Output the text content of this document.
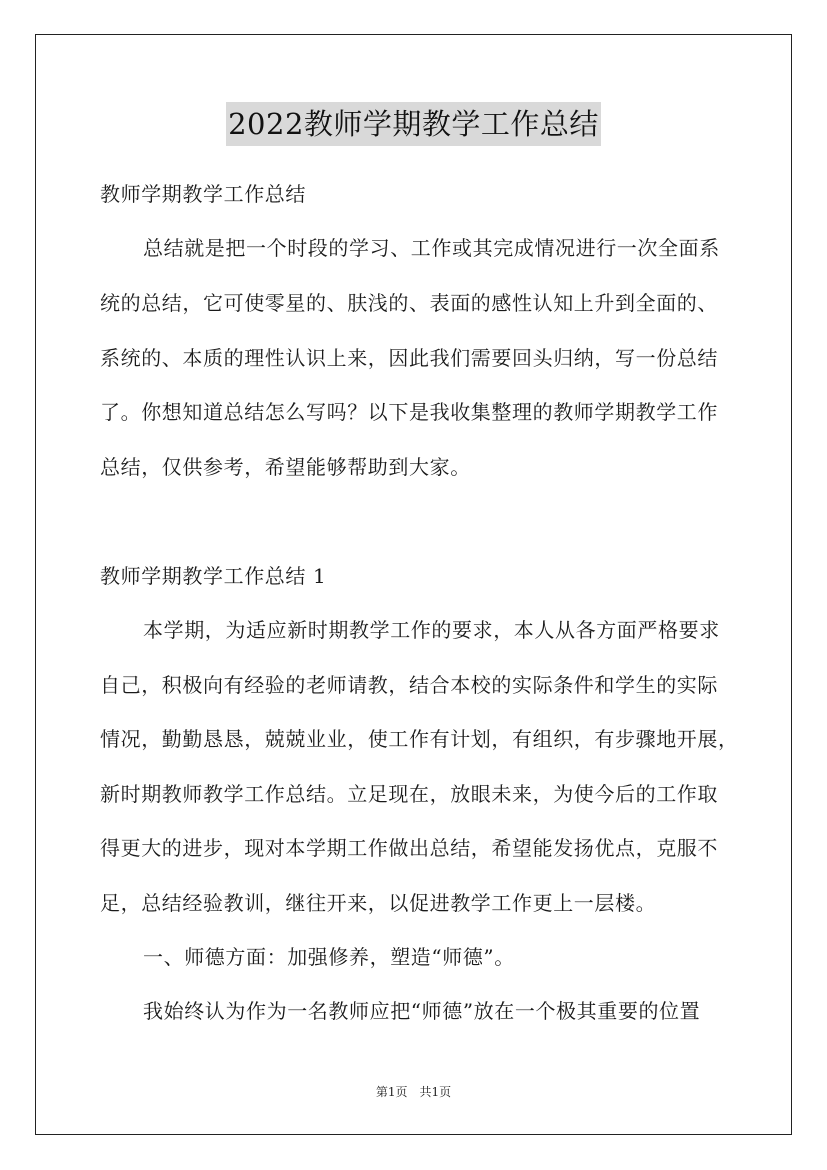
2022教师学期教学工作总结
教师学期教学工作总结
总结就是把一个时段的学习、工作或其完成情况进行一次全面系
统的总结，它可使零星的、肤浅的、表面的感性认知上升到全面的、
系统的、本质的理性认识上来，因此我们需要回头归纳，写一份总结
了。你想知道总结怎么写吗？以下是我收集整理的教师学期教学工作
总结，仅供参考，希望能够帮助到大家。
教师学期教学工作总结 1
本学期，为适应新时期教学工作的要求，本人从各方面严格要求
自己，积极向有经验的老师请教，结合本校的实际条件和学生的实际
情况，勤勤恳恳，兢兢业业，使工作有计划，有组织，有步骤地开展，
新时期教师教学工作总结。立足现在，放眼未来，为使今后的工作取
得更大的进步，现对本学期工作做出总结，希望能发扬优点，克服不
足，总结经验教训，继往开来，以促进教学工作更上一层楼。
一、师德方面：加强修养，塑造“师德”。
我始终认为作为一名教师应把“师德”放在一个极其重要的位置
第1页 共1页
